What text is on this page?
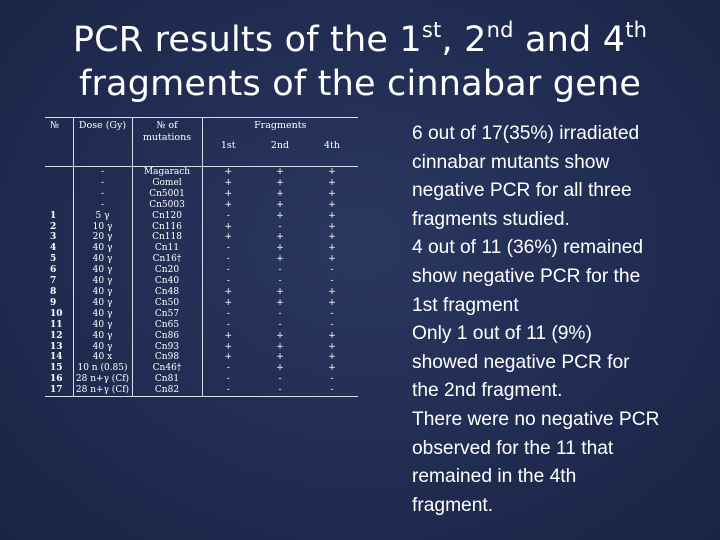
PCR results of the 1st, 2nd and 4th
fragments of the cinnabar gene
№	Dose (Gy)	№ of mutations	Fragments		
			1st	2nd	4th

	-	Magarach	+	+	+
	-	Gomel	+	+	+
	-	Cn5001	+	+	+
	-	Cn5003	+	+	+
1	5 γ	Cn120	-	+	+
2	10 γ	Cn116	+	-	+
3	20 γ	Cn118	+	+	+
4	40 γ	Cn11	-	+	+
5	40 γ	Cn16†	-	+	+
6	40 γ	Cn20	-	-	-
7	40 γ	Cn40	-	-	-
8	40 γ	Cn48	+	+	+
9	40 γ	Cn50	+	+	+
10	40 γ	Cn57	-	-	-
11	40 γ	Cn65	-	-	-
12	40 γ	Cn86	+	+	+
13	40 γ	Cn93	+	+	+
14	40 x	Cn98	+	+	+
15	10 n (0.85)	Cn46†	-	+	+
16	28 n+γ (Cf)	Cn81	-	-	-
17	28 n+γ (Cf)	Cn82	-	-	-

6 out of 17(35%) irradiated

cinnabar mutants show

negative PCR for all three

fragments studied.

4 out of 11 (36%) remained

show negative PCR for the

1st fragment

Only 1 out of 11 (9%)

showed negative PCR for

the 2nd fragment.

There were no negative PCR

observed for the 11 that

remained in the 4th

fragment.
